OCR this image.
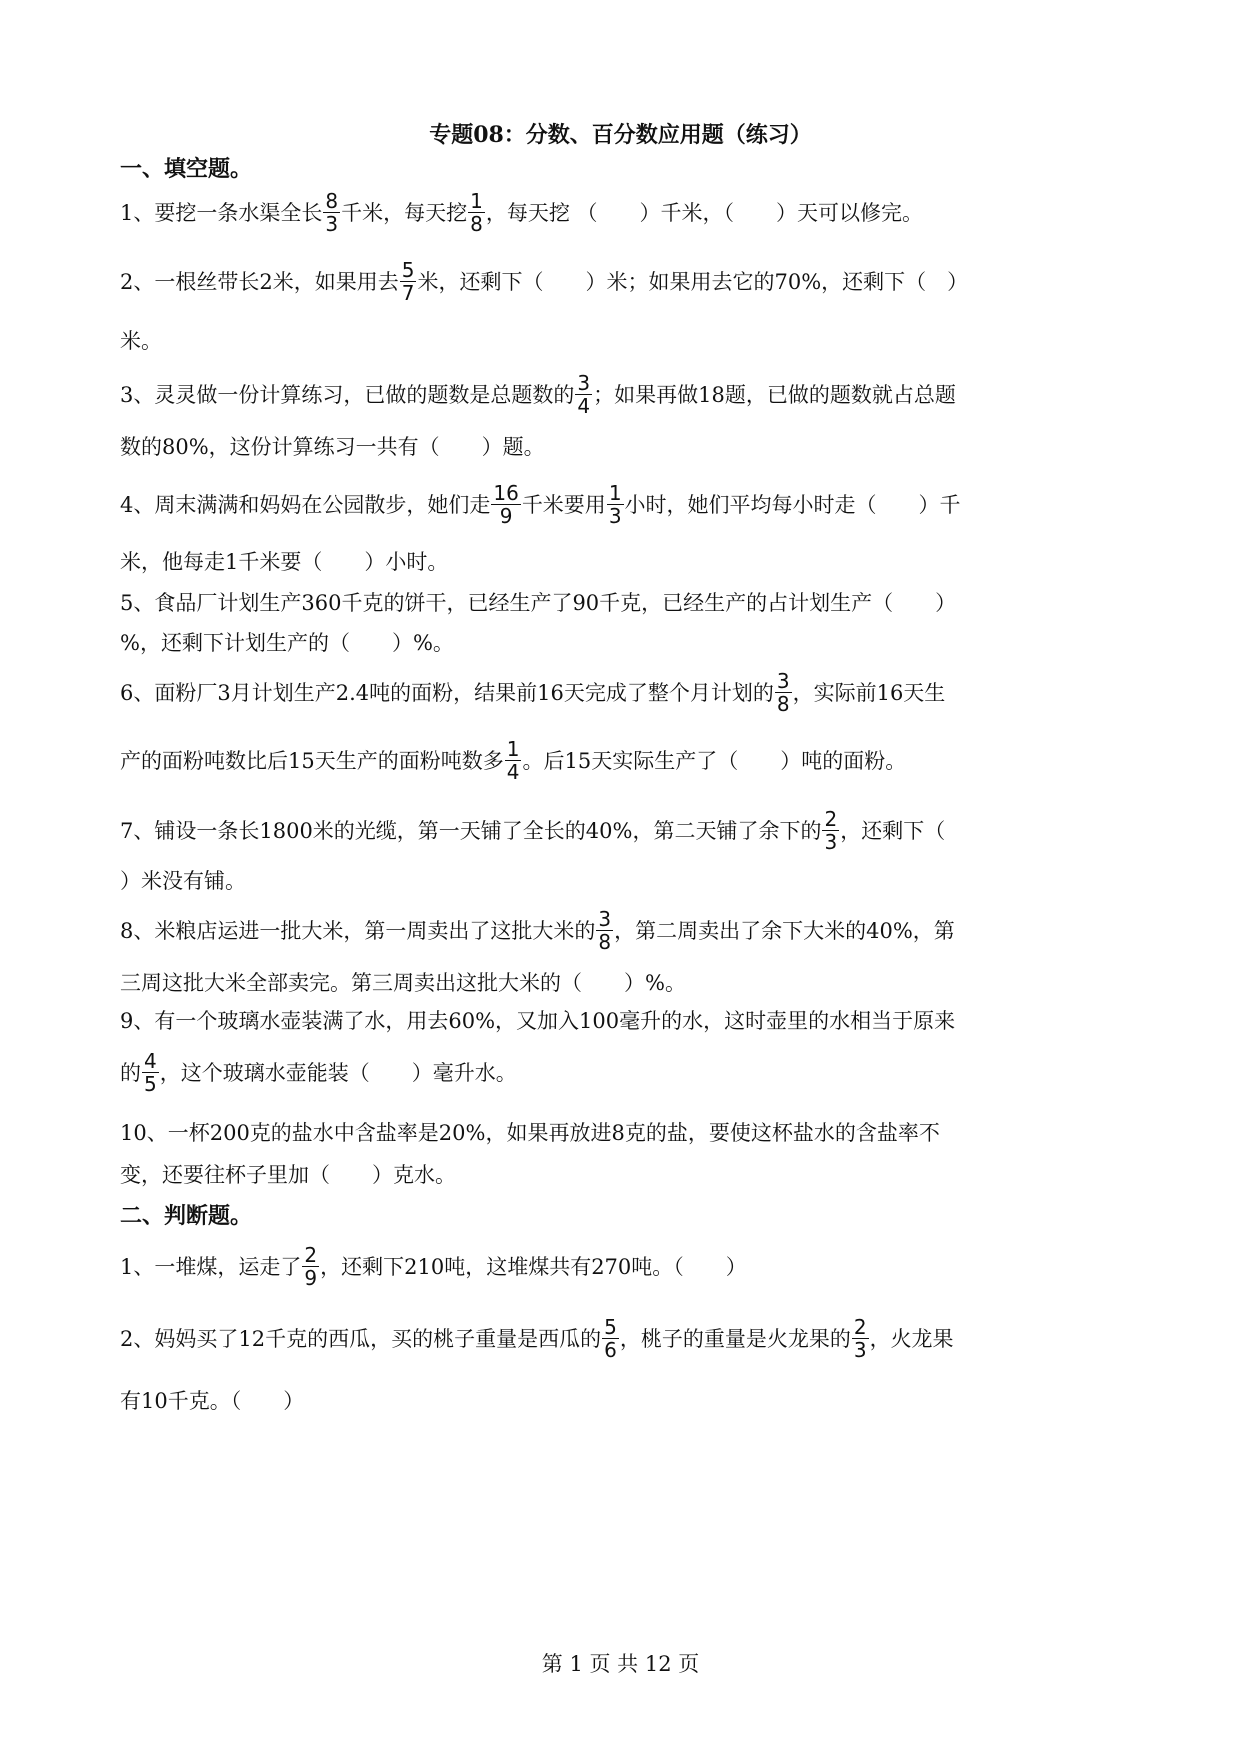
专题08：分数、百分数应用题（练习）
一、填空题。
1、要挖一条水渠全长 $\frac{8}{3}$ 千米，每天挖 $\frac{1}{8}$ ，每天挖 （　　）千米，（　　）天可以修完。
2、一根丝带长2米，如果用去 $\frac{5}{7}$ 米，还剩下（　　）米；如果用去它的70%，还剩下（　）
米。
3、灵灵做一份计算练习，已做的题数是总题数的 $\frac{3}{4}$ ；如果再做18题，已做的题数就占总题
数的80%，这份计算练习一共有（　　）题。
4、周末满满和妈妈在公园散步，她们走 $\frac{16}{9}$ 千米要用 $\frac{1}{3}$ 小时，她们平均每小时走（　　）千
米，他每走1千米要（　　）小时。
5、食品厂计划生产360千克的饼干，已经生产了90千克，已经生产的占计划生产（　　）
%，还剩下计划生产的（　　）%。
6、面粉厂3月计划生产2.4吨的面粉，结果前16天完成了整个月计划的 $\frac{3}{8}$ ，实际前16天生
产的面粉吨数比后15天生产的面粉吨数多 $\frac{1}{4}$ 。后15天实际生产了（　　）吨的面粉。
7、铺设一条长1800米的光缆，第一天铺了全长的40%，第二天铺了余下的 $\frac{2}{3}$ ，还剩下（
）米没有铺。
8、米粮店运进一批大米，第一周卖出了这批大米的 $\frac{3}{8}$ ，第二周卖出了余下大米的40%，第
三周这批大米全部卖完。第三周卖出这批大米的（　　）%。
9、有一个玻璃水壶装满了水，用去60%，又加入100毫升的水，这时壶里的水相当于原来
的 $\frac{4}{5}$ ，这个玻璃水壶能装（　　）毫升水。
10、一杯200克的盐水中含盐率是20%，如果再放进8克的盐，要使这杯盐水的含盐率不
变，还要往杯子里加（　　）克水。
二、判断题。
1、一堆煤，运走了 $\frac{2}{9}$ ，还剩下210吨，这堆煤共有270吨。（　　）
2、妈妈买了12千克的西瓜，买的桃子重量是西瓜的 $\frac{5}{6}$ ，桃子的重量是火龙果的 $\frac{2}{3}$ ，火龙果
有10千克。（　　）
第 1 页 共 12 页
